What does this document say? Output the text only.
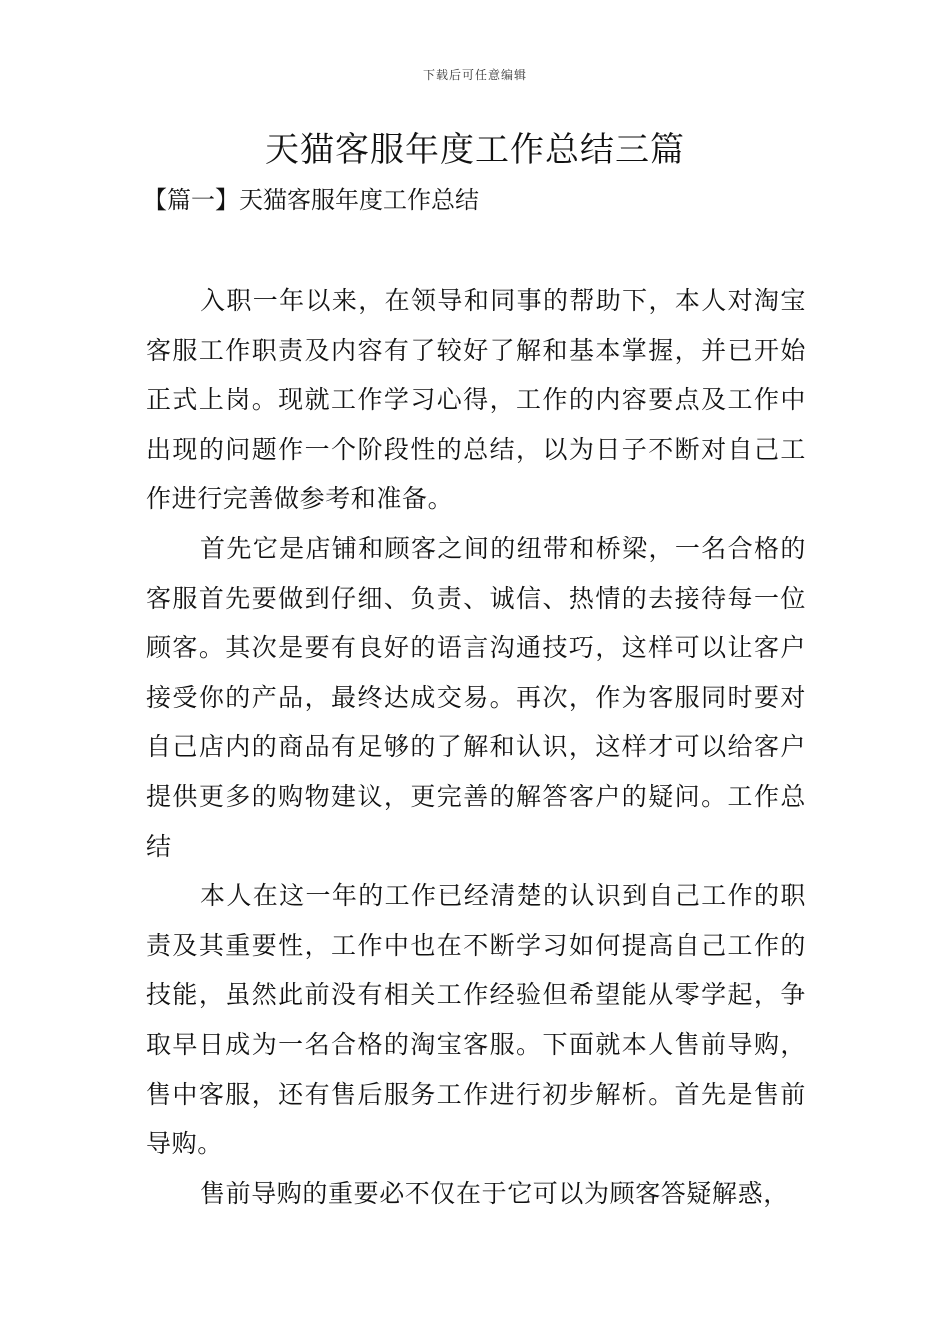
下载后可任意编辑
天猫客服年度工作总结三篇
【篇一】天猫客服年度工作总结

入职一年以来，在领导和同事的帮助下，本人对淘宝客服工作职责及内容有了较好了解和基本掌握，并已开始正式上岗。现就工作学习心得，工作的内容要点及工作中出现的问题作一个阶段性的总结，以为日子不断对自己工作进行完善做参考和准备。

首先它是店铺和顾客之间的纽带和桥梁，一名合格的客服首先要做到仔细、负责、诚信、热情的去接待每一位顾客。其次是要有良好的语言沟通技巧，这样可以让客户接受你的产品，最终达成交易。再次，作为客服同时要对自己店内的商品有足够的了解和认识，这样才可以给客户提供更多的购物建议，更完善的解答客户的疑问。工作总结

本人在这一年的工作已经清楚的认识到自己工作的职责及其重要性，工作中也在不断学习如何提高自己工作的技能，虽然此前没有相关工作经验但希望能从零学起，争取早日成为一名合格的淘宝客服。下面就本人售前导购，售中客服，还有售后服务工作进行初步解析。首先是售前导购。

售前导购的重要必不仅在于它可以为顾客答疑解惑，
